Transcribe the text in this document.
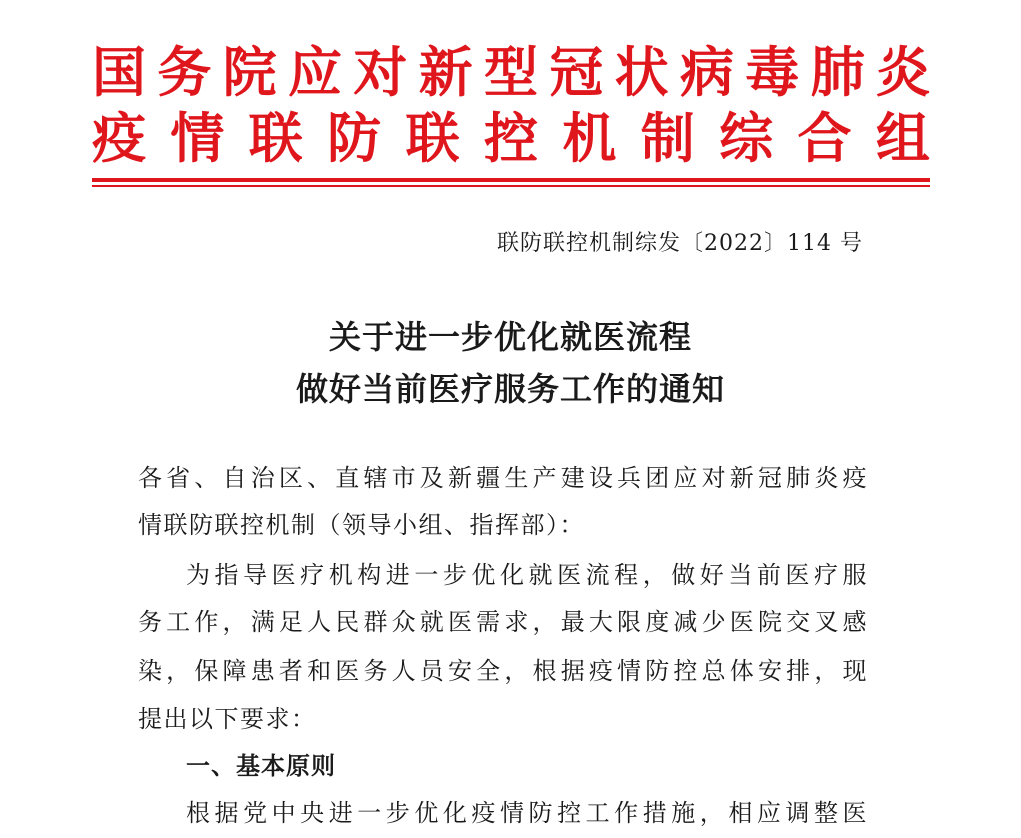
国 务 院 应 对 新 型 冠 状 病 毒 肺 炎
疫 情 联 防 联 控 机 制 综 合 组
联防联控机制综发〔2022〕114 号
关于进一步优化就医流程
做好当前医疗服务工作的通知
各省、自治区、直辖市及新疆生产建设兵团应对新冠肺炎疫
情联防联控机制（领导小组、指挥部）：
为指导医疗机构进一步优化就医流程，做好当前医疗服
务工作，满足人民群众就医需求，最大限度减少医院交叉感
染，保障患者和医务人员安全，根据疫情防控总体安排，现
提出以下要求：
一、基本原则
根据党中央进一步优化疫情防控工作措施，相应调整医
